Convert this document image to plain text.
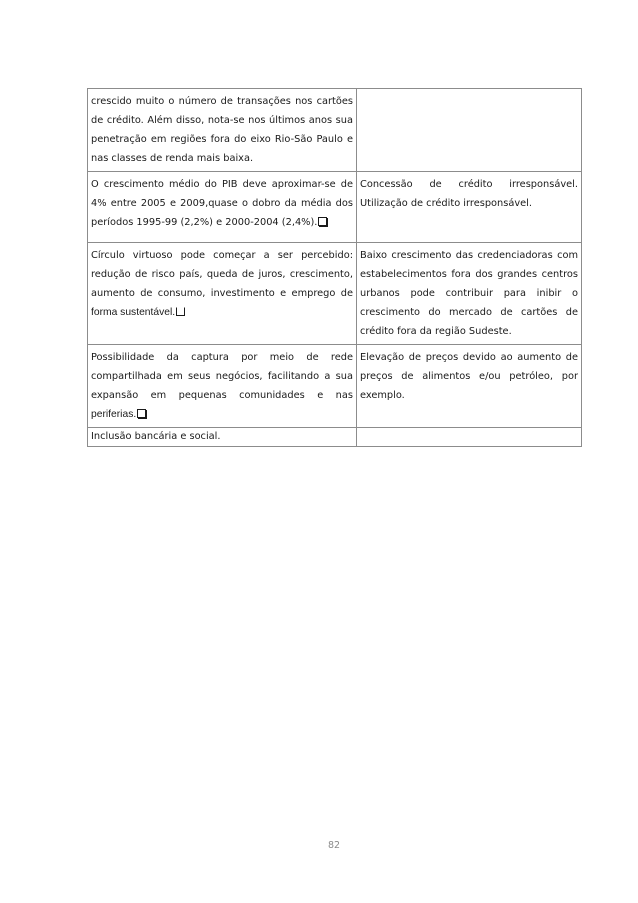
crescido muito o número de transações nos cartões de crédito. Além disso, nota-se nos últimos anos sua penetração em regiões fora do eixo Rio-São Paulo e nas classes de renda mais baixa.	
O crescimento médio do PIB deve aproximar-se de 4% entre 2005 e 2009,quase o dobro da média dos períodos 1995-99 (2,2%) e 2000-2004 (2,4%).	Concessão de crédito irresponsável. Utilização de crédito irresponsável.
Círculo virtuoso pode começar a ser percebido: redução de risco país, queda de juros, crescimento, aumento de consumo, investimento e emprego de forma sustentável.	Baixo crescimento das credenciadoras com estabelecimentos fora dos grandes centros urbanos pode contribuir para inibir o crescimento do mercado de cartões de crédito fora da região Sudeste.
Possibilidade da captura por meio de rede compartilhada em seus negócios, facilitando a sua expansão em pequenas comunidades e nas periferias.	Elevação de preços devido ao aumento de preços de alimentos e/ou petróleo, por exemplo.
Inclusão bancária e social.	
82
